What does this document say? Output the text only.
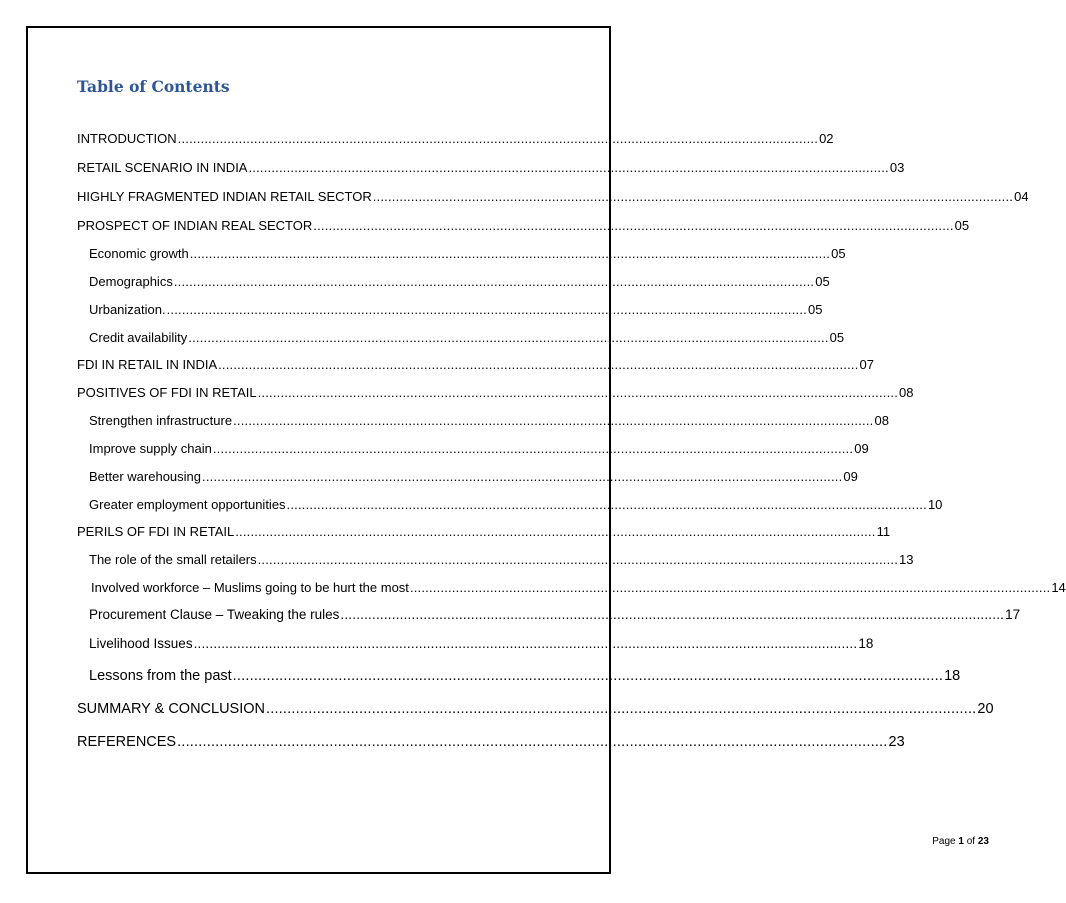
Table of Contents
INTRODUCTION ........................................................................................................................................................................ 02
RETAIL SCENARIO IN INDIA ........................................................................................................................................................................ 03
HIGHLY FRAGMENTED INDIAN RETAIL SECTOR ........................................................................................................................................................................ 04
PROSPECT OF INDIAN REAL SECTOR ........................................................................................................................................................................ 05
Economic growth ........................................................................................................................................................................ 05
Demographics ........................................................................................................................................................................ 05
Urbanization. ........................................................................................................................................................................ 05
Credit availability ........................................................................................................................................................................ 05
FDI IN RETAIL IN INDIA ........................................................................................................................................................................ 07
POSITIVES OF FDI IN RETAIL ........................................................................................................................................................................ 08
Strengthen infrastructure ........................................................................................................................................................................ 08
Improve supply chain ........................................................................................................................................................................ 09
Better warehousing ........................................................................................................................................................................ 09
Greater employment opportunities ........................................................................................................................................................................ 10
PERILS OF FDI IN RETAIL ........................................................................................................................................................................ 11
The role of the small retailers ........................................................................................................................................................................ 13
Involved workforce – Muslims going to be hurt the most ........................................................................................................................................................................ 14
Procurement Clause – Tweaking the rules ........................................................................................................................................................................ 17
Livelihood Issues ........................................................................................................................................................................ 18
Lessons from the past ........................................................................................................................................................................ 18
SUMMARY & CONCLUSION ........................................................................................................................................................................ 20
REFERENCES ........................................................................................................................................................................ 23
Page 1 of 23
